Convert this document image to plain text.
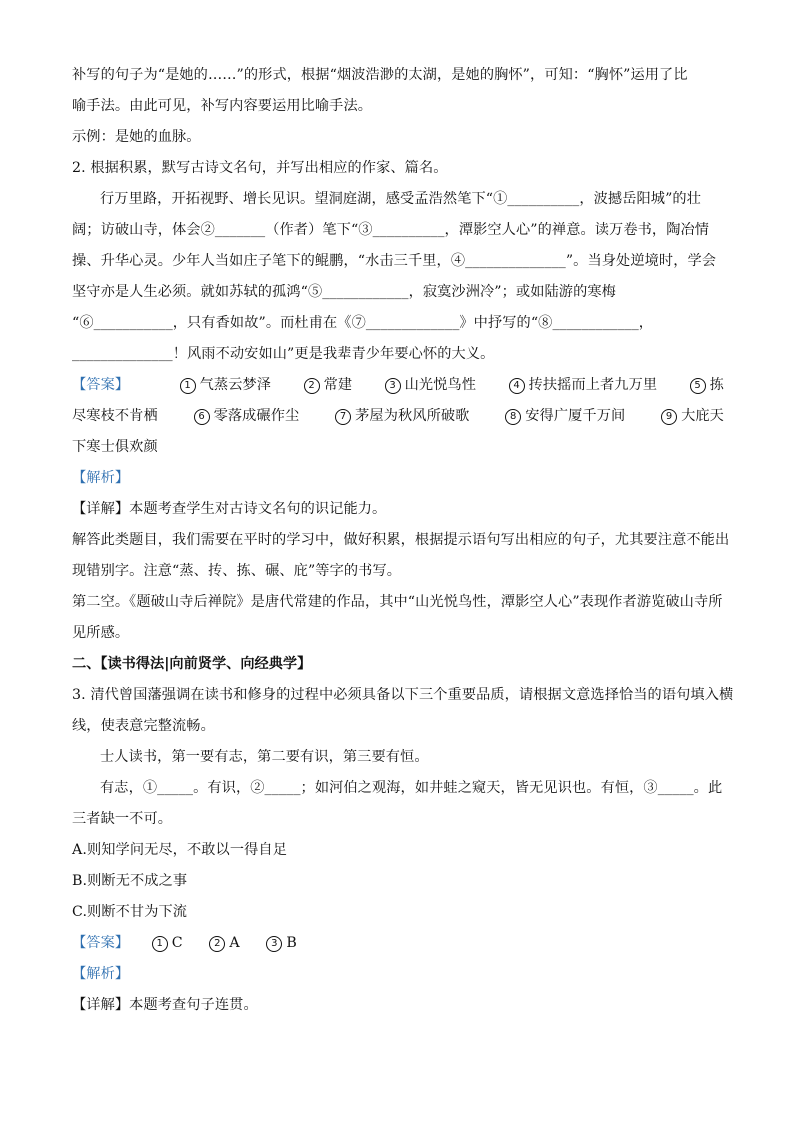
补写的句子为“是她的……”的形式，根据“烟波浩渺的太湖，是她的胸怀”，可知：“胸怀”运用了比
喻手法。由此可见，补写内容要运用比喻手法。
示例：是她的血脉。
2. 根据积累，默写古诗文名句，并写出相应的作家、篇名。
行万里路，开拓视野、增长见识。望洞庭湖，感受孟浩然笔下“①__________，波撼岳阳城”的壮
阔；访破山寺，体会②_______（作者）笔下“③__________，潭影空人心”的禅意。读万卷书，陶冶情
操、升华心灵。少年人当如庄子笔下的鲲鹏，“水击三千里，④______________”。当身处逆境时，学会
坚守亦是人生必须。就如苏轼的孤鸿“⑤____________，寂寞沙洲冷”；或如陆游的寒梅
“⑥___________，只有香如故”。而杜甫在《⑦_____________》中抒写的“⑧____________，
______________！风雨不动安如山”更是我辈青少年要心怀的大义。
【答案】	1 气蒸云梦泽	2 常建	3 山光悦鸟性	4 抟扶摇而上者九万里	5 拣
尽寒枝不肯栖	6 零落成碾作尘	7 茅屋为秋风所破歌	8 安得广厦千万间	9 大庇天
下寒士俱欢颜
【解析】
【详解】本题考查学生对古诗文名句的识记能力。
解答此类题目，我们需要在平时的学习中，做好积累，根据提示语句写出相应的句子，尤其要注意不能出
现错别字。注意“蒸、抟、拣、碾、庇”等字的书写。
第二空。《题破山寺后禅院》是唐代常建的作品，其中“山光悦鸟性，潭影空人心”表现作者游览破山寺所
见所感。
二、【读书得法|向前贤学、向经典学】
3. 清代曾国藩强调在读书和修身的过程中必须具备以下三个重要品质，请根据文意选择恰当的语句填入横
线，使表意完整流畅。
士人读书，第一要有志，第二要有识，第三要有恒。
有志，①_____。有识，②_____；如河伯之观海，如井蛙之窥天，皆无见识也。有恒，③_____。此
三者缺一不可。
A.则知学问无尽，不敢以一得自足
B.则断无不成之事
C.则断不甘为下流
【答案】	1 C	2 A	3 B
【解析】
【详解】本题考查句子连贯。
